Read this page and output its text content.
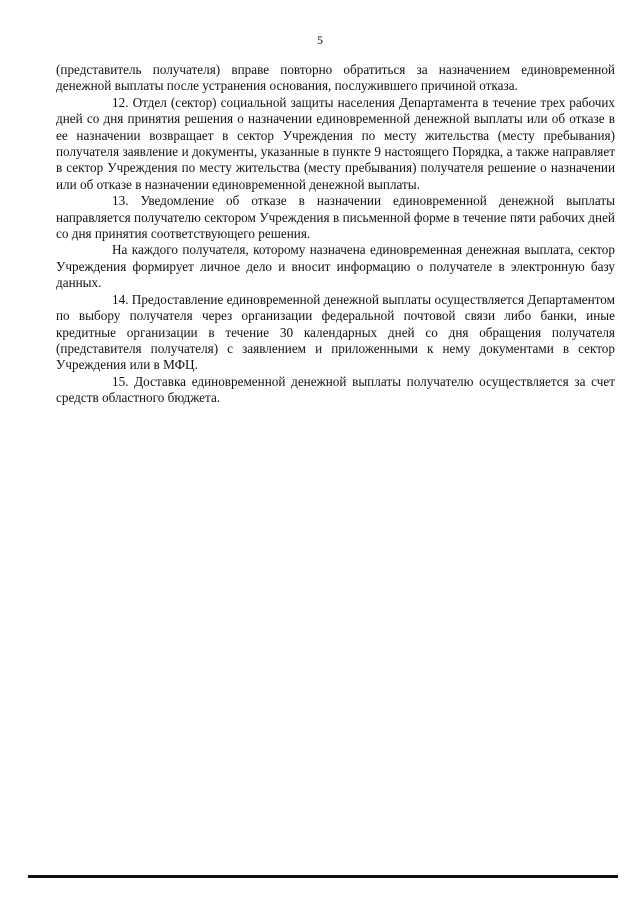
5

(представитель получателя) вправе повторно обратиться за назначением единовременной денежной выплаты после устранения основания, послужившего причиной отказа.

12. Отдел (сектор) социальной защиты населения Департамента в течение трех рабочих дней со дня принятия решения о назначении единовременной денежной выплаты или об отказе в ее назначении возвращает в сектор Учреждения по месту жительства (месту пребывания) получателя заявление и документы, указанные в пункте 9 настоящего Порядка, а также направляет в сектор Учреждения по месту жительства (месту пребывания) получателя решение о назначении или об отказе в назначении единовременной денежной выплаты.

13. Уведомление об отказе в назначении единовременной денежной выплаты направляется получателю сектором Учреждения в письменной форме в течение пяти рабочих дней со дня принятия соответствующего решения.

На каждого получателя, которому назначена единовременная денежная выплата, сектор Учреждения формирует личное дело и вносит информацию о получателе в электронную базу данных.

14. Предоставление единовременной денежной выплаты осуществляется Департаментом по выбору получателя через организации федеральной почтовой связи либо банки, иные кредитные организации в течение 30 календарных дней со дня обращения получателя (представителя получателя) с заявлением и приложенными к нему документами в сектор Учреждения или в МФЦ.

15. Доставка единовременной денежной выплаты получателю осуществляется за счет средств областного бюджета.
